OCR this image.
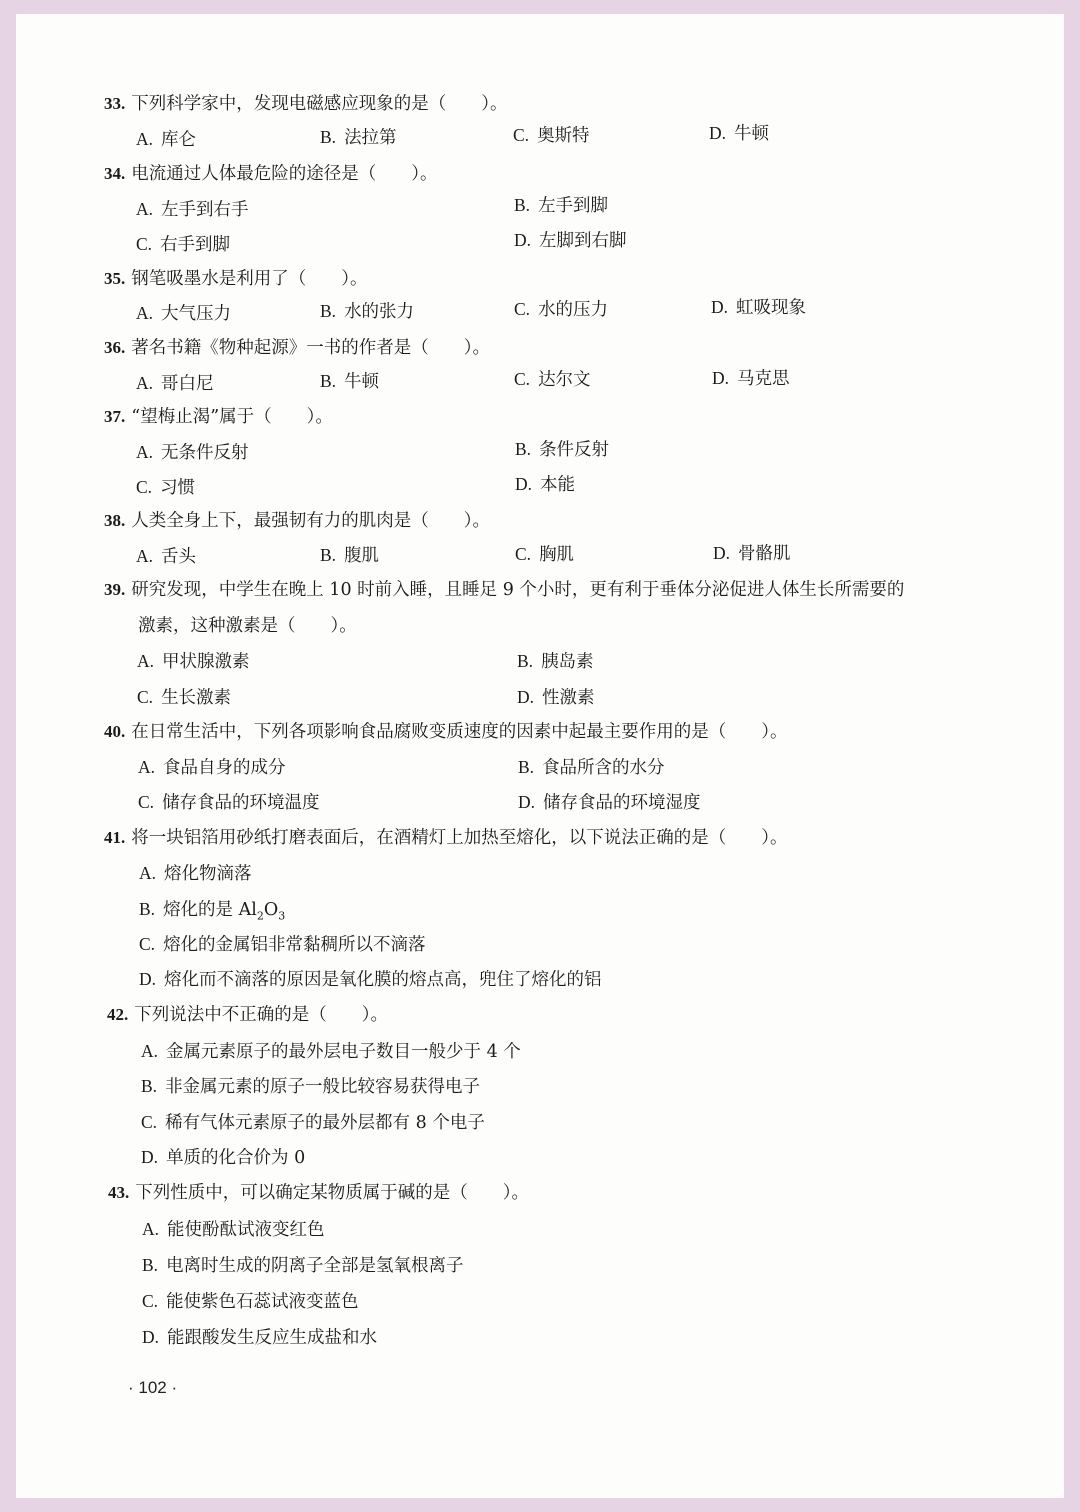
33. 下列科学家中，发现电磁感应现象的是（　　）。
A. 库仑	B. 法拉第	C. 奥斯特	D. 牛顿
34. 电流通过人体最危险的途径是（　　）。
A. 左手到右手	B. 左手到脚
C. 右手到脚	D. 左脚到右脚
35. 钢笔吸墨水是利用了（　　）。
A. 大气压力	B. 水的张力	C. 水的压力	D. 虹吸现象
36. 著名书籍《物种起源》一书的作者是（　　）。
A. 哥白尼	B. 牛顿	C. 达尔文	D. 马克思
37. “望梅止渴”属于（　　）。
A. 无条件反射	B. 条件反射
C. 习惯	D. 本能
38. 人类全身上下，最强韧有力的肌肉是（　　）。
A. 舌头	B. 腹肌	C. 胸肌	D. 骨骼肌
39. 研究发现，中学生在晚上 10 时前入睡，且睡足 9 个小时，更有利于垂体分泌促进人体生长所需要的
激素，这种激素是（　　）。
A. 甲状腺激素	B. 胰岛素
C. 生长激素	D. 性激素
40. 在日常生活中，下列各项影响食品腐败变质速度的因素中起最主要作用的是（　　）。
A. 食品自身的成分	B. 食品所含的水分
C. 储存食品的环境温度	D. 储存食品的环境湿度
41. 将一块铝箔用砂纸打磨表面后，在酒精灯上加热至熔化，以下说法正确的是（　　）。
A. 熔化物滴落
B. 熔化的是 $Al_2O_3$
C. 熔化的金属铝非常黏稠所以不滴落
D. 熔化而不滴落的原因是氧化膜的熔点高，兜住了熔化的铝
42. 下列说法中不正确的是（　　）。
A. 金属元素原子的最外层电子数目一般少于 4 个
B. 非金属元素的原子一般比较容易获得电子
C. 稀有气体元素原子的最外层都有 8 个电子
D. 单质的化合价为 0
43. 下列性质中，可以确定某物质属于碱的是（　　）。
A. 能使酚酞试液变红色
B. 电离时生成的阴离子全部是氢氧根离子
C. 能使紫色石蕊试液变蓝色
D. 能跟酸发生反应生成盐和水
· 102 ·
